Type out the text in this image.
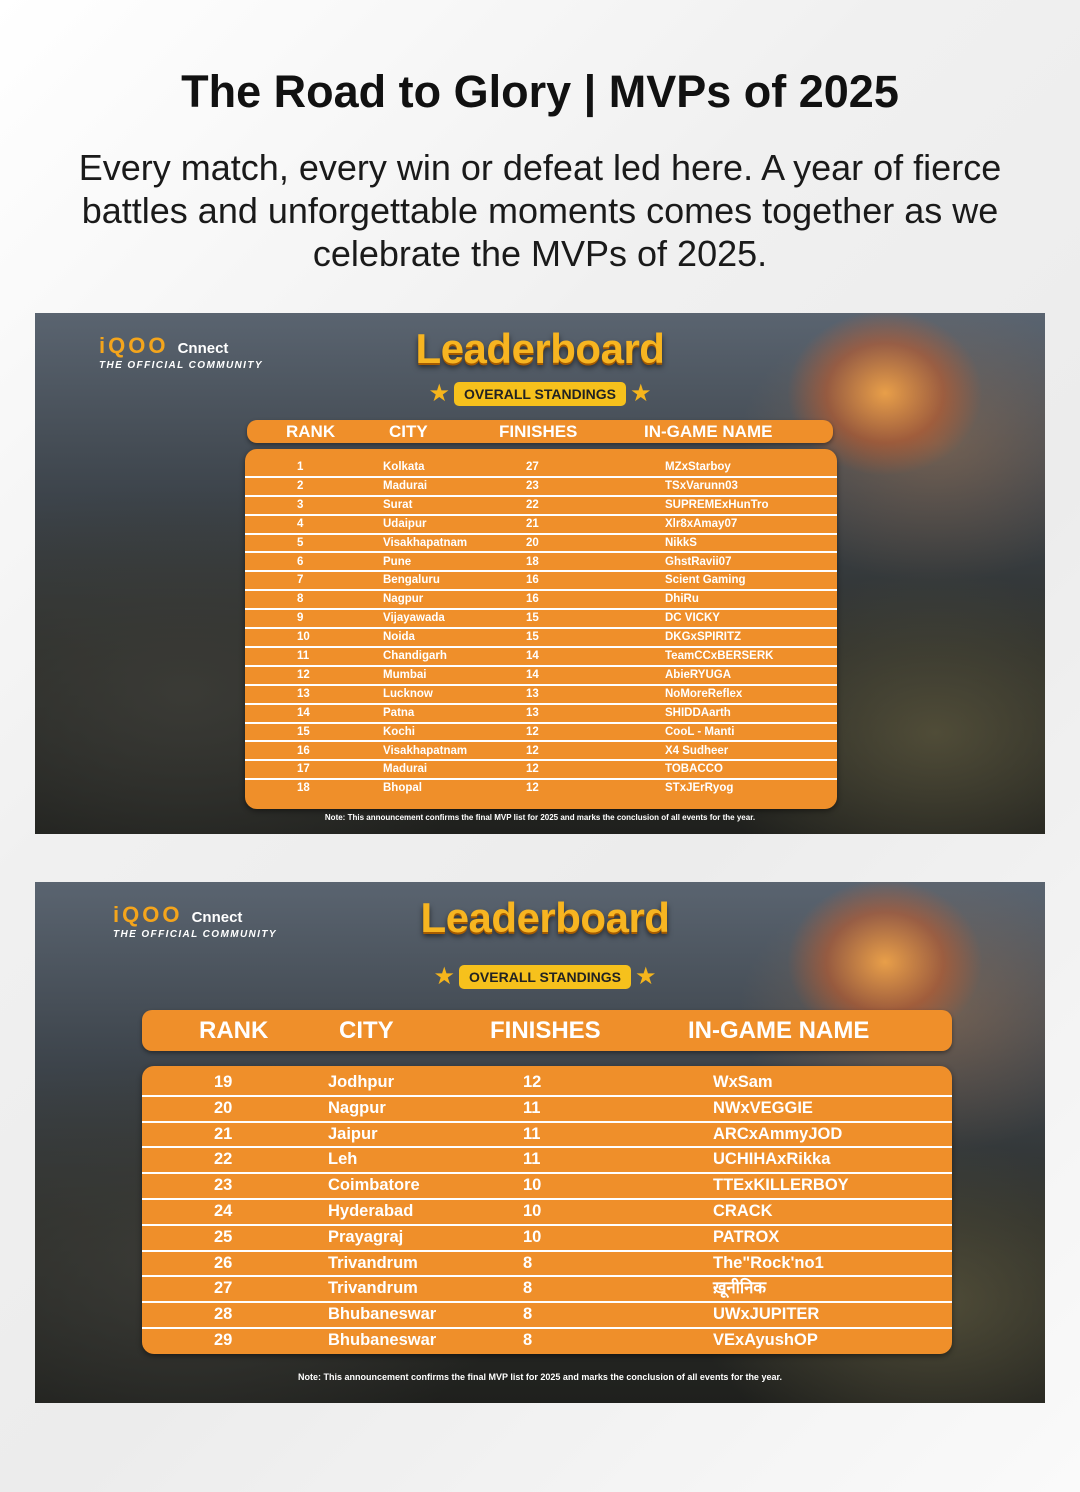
The Road to Glory | MVPs of 2025

Every match, every win or defeat led here. A year of fierce battles and unforgettable moments comes together as we celebrate the MVPs of 2025.

iQOO Cnnect
THE OFFICIAL COMMUNITY	Leaderboard
★ OVERALL STANDINGS ★
RANK	CITY	FINISHES	IN-GAME NAME
1	Kolkata	27	MZxStarboy
2	Madurai	23	TSxVarunn03
3	Surat	22	SUPREMExHunTro
4	Udaipur	21	Xlr8xAmay07
5	Visakhapatnam	20	NikkS
6	Pune	18	GhstRavii07
7	Bengaluru	16	Scient Gaming
8	Nagpur	16	DhiRu
9	Vijayawada	15	DC VICKY
10	Noida	15	DKGxSPIRITZ
11	Chandigarh	14	TeamCCxBERSERK
12	Mumbai	14	AbieRYUGA
13	Lucknow	13	NoMoreReflex
14	Patna	13	SHIDDAarth
15	Kochi	12	CooL - Manti
16	Visakhapatnam	12	X4 Sudheer
17	Madurai	12	TOBACCO
18	Bhopal	12	STxJErRyog
Note: This announcement confirms the final MVP list for 2025 and marks the conclusion of all events for the year.
iQOO Cnnect
THE OFFICIAL COMMUNITY	Leaderboard
★ OVERALL STANDINGS ★
RANK	CITY	FINISHES	IN-GAME NAME
19	Jodhpur	12	WxSam
20	Nagpur	11	NWxVEGGIE
21	Jaipur	11	ARCxAmmyJOD
22	Leh	11	UCHIHAxRikka
23	Coimbatore	10	TTExKILLERBOY
24	Hyderabad	10	CRACK
25	Prayagraj	10	PATROX
26	Trivandrum	8	The"Rock'no1
27	Trivandrum	8	ख़ूनीनिक
28	Bhubaneswar	8	UWxJUPITER
29	Bhubaneswar	8	VExAyushOP
Note: This announcement confirms the final MVP list for 2025 and marks the conclusion of all events for the year.
